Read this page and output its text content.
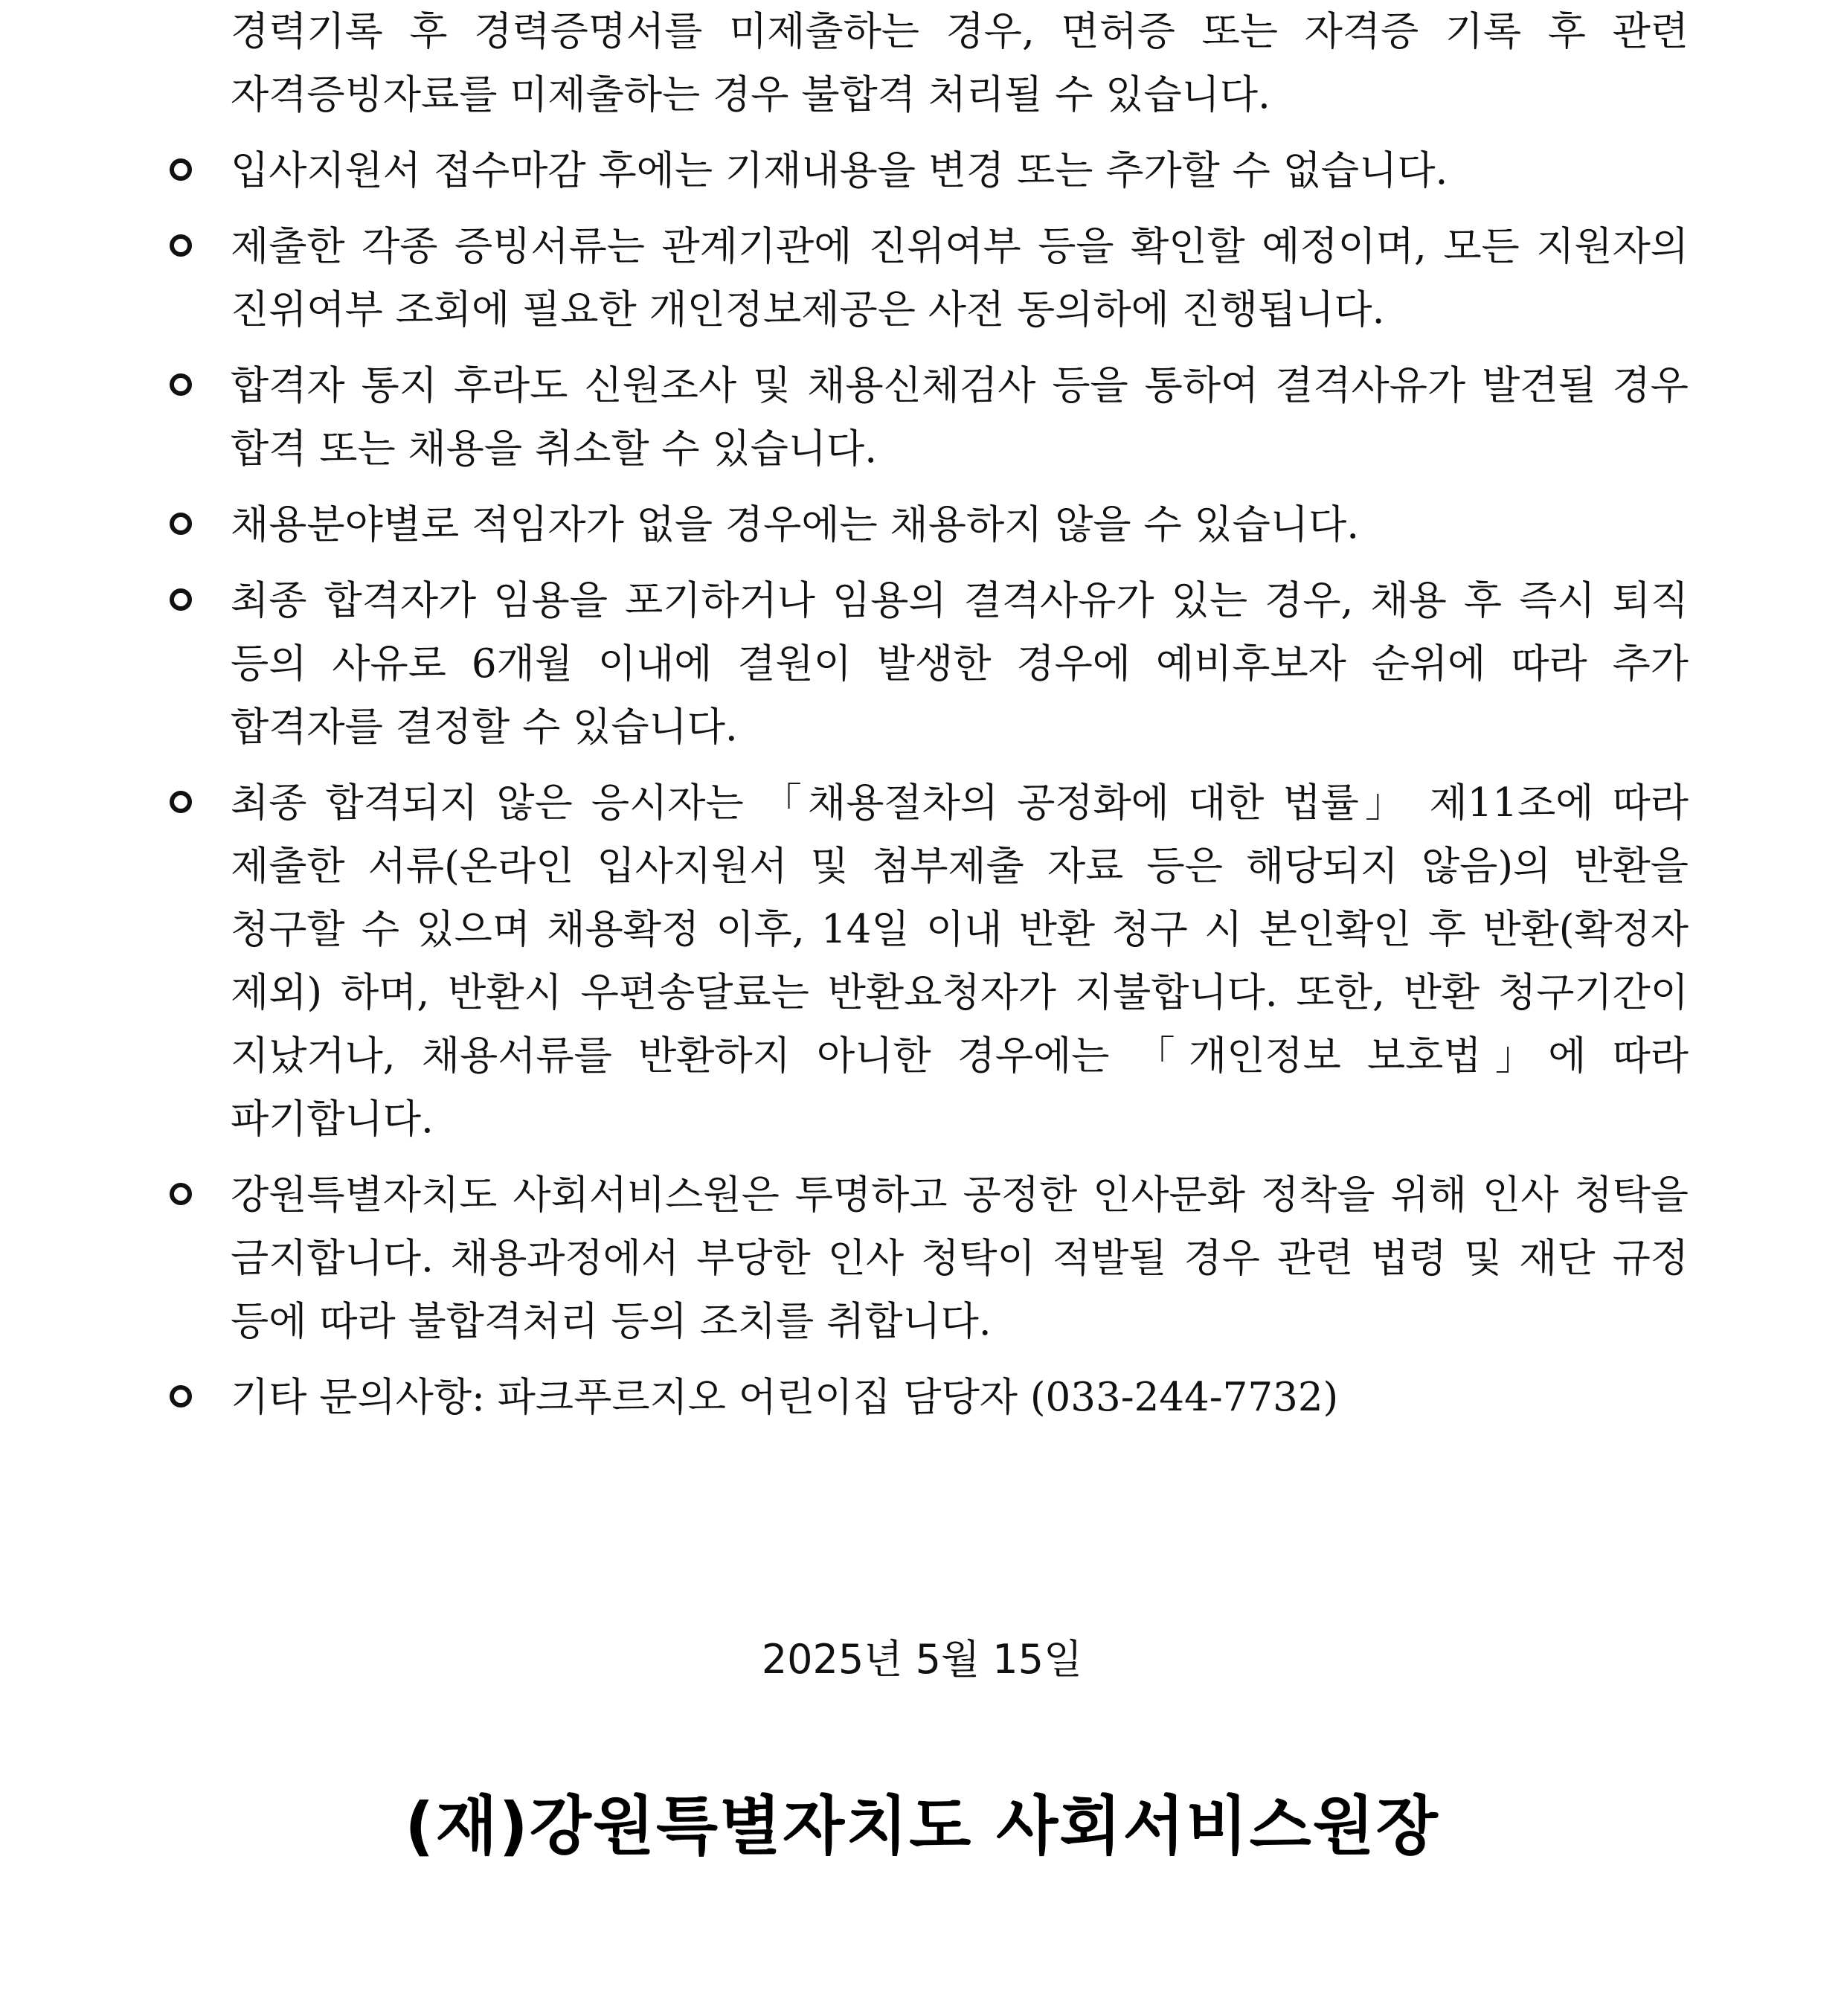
경력기록 후 경력증명서를 미제출하는 경우, 면허증 또는 자격증 기록 후 관련 자격증빙자료를 미제출하는 경우 불합격 처리될 수 있습니다.
입사지원서 접수마감 후에는 기재내용을 변경 또는 추가할 수 없습니다.
제출한 각종 증빙서류는 관계기관에 진위여부 등을 확인할 예정이며, 모든 지원자의 진위여부 조회에 필요한 개인정보제공은 사전 동의하에 진행됩니다.
합격자 통지 후라도 신원조사 및 채용신체검사 등을 통하여 결격사유가 발견될 경우 합격 또는 채용을 취소할 수 있습니다.
채용분야별로 적임자가 없을 경우에는 채용하지 않을 수 있습니다.
최종 합격자가 임용을 포기하거나 임용의 결격사유가 있는 경우, 채용 후 즉시 퇴직 등의 사유로 6개월 이내에 결원이 발생한 경우에 예비후보자 순위에 따라 추가 합격자를 결정할 수 있습니다.
최종 합격되지 않은 응시자는 「채용절차의 공정화에 대한 법률」 제11조에 따라 제출한 서류(온라인 입사지원서 및 첨부제출 자료 등은 해당되지 않음)의 반환을 청구할 수 있으며 채용확정 이후, 14일 이내 반환 청구 시 본인확인 후 반환(확정자 제외) 하며, 반환시 우편송달료는 반환요청자가 지불합니다. 또한, 반환 청구기간이 지났거나, 채용서류를 반환하지 아니한 경우에는 「개인정보 보호법」에 따라 파기합니다.
강원특별자치도 사회서비스원은 투명하고 공정한 인사문화 정착을 위해 인사 청탁을 금지합니다. 채용과정에서 부당한 인사 청탁이 적발될 경우 관련 법령 및 재단 규정 등에 따라 불합격처리 등의 조치를 취합니다.
기타 문의사항: 파크푸르지오 어린이집 담당자 (033-244-7732)
2025년 5월 15일
(재)강원특별자치도 사회서비스원장
